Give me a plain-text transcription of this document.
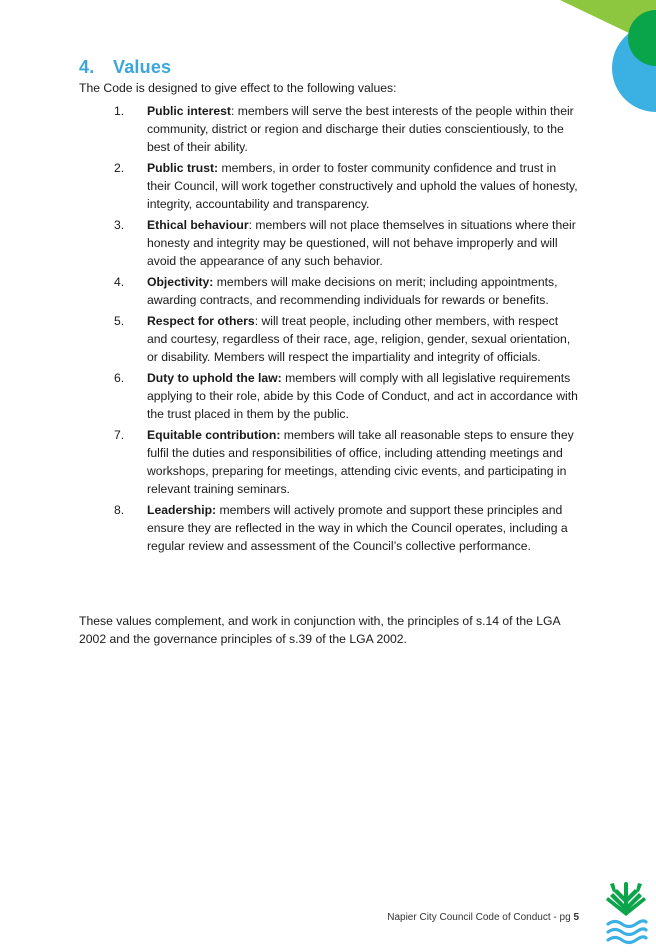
4. Values
The Code is designed to give effect to the following values:
1. Public interest: members will serve the best interests of the people within their community, district or region and discharge their duties conscientiously, to the best of their ability.
2. Public trust: members, in order to foster community confidence and trust in their Council, will work together constructively and uphold the values of honesty, integrity, accountability and transparency.
3. Ethical behaviour: members will not place themselves in situations where their honesty and integrity may be questioned, will not behave improperly and will avoid the appearance of any such behavior.
4. Objectivity: members will make decisions on merit; including appointments, awarding contracts, and recommending individuals for rewards or benefits.
5. Respect for others: will treat people, including other members, with respect and courtesy, regardless of their race, age, religion, gender, sexual orientation, or disability. Members will respect the impartiality and integrity of officials.
6. Duty to uphold the law: members will comply with all legislative requirements applying to their role, abide by this Code of Conduct, and act in accordance with the trust placed in them by the public.
7. Equitable contribution: members will take all reasonable steps to ensure they fulfil the duties and responsibilities of office, including attending meetings and workshops, preparing for meetings, attending civic events, and participating in relevant training seminars.
8. Leadership: members will actively promote and support these principles and ensure they are reflected in the way in which the Council operates, including a regular review and assessment of the Council’s collective performance.
These values complement, and work in conjunction with, the principles of s.14 of the LGA 2002 and the governance principles of s.39 of the LGA 2002.
Napier City Council Code of Conduct - pg 5
